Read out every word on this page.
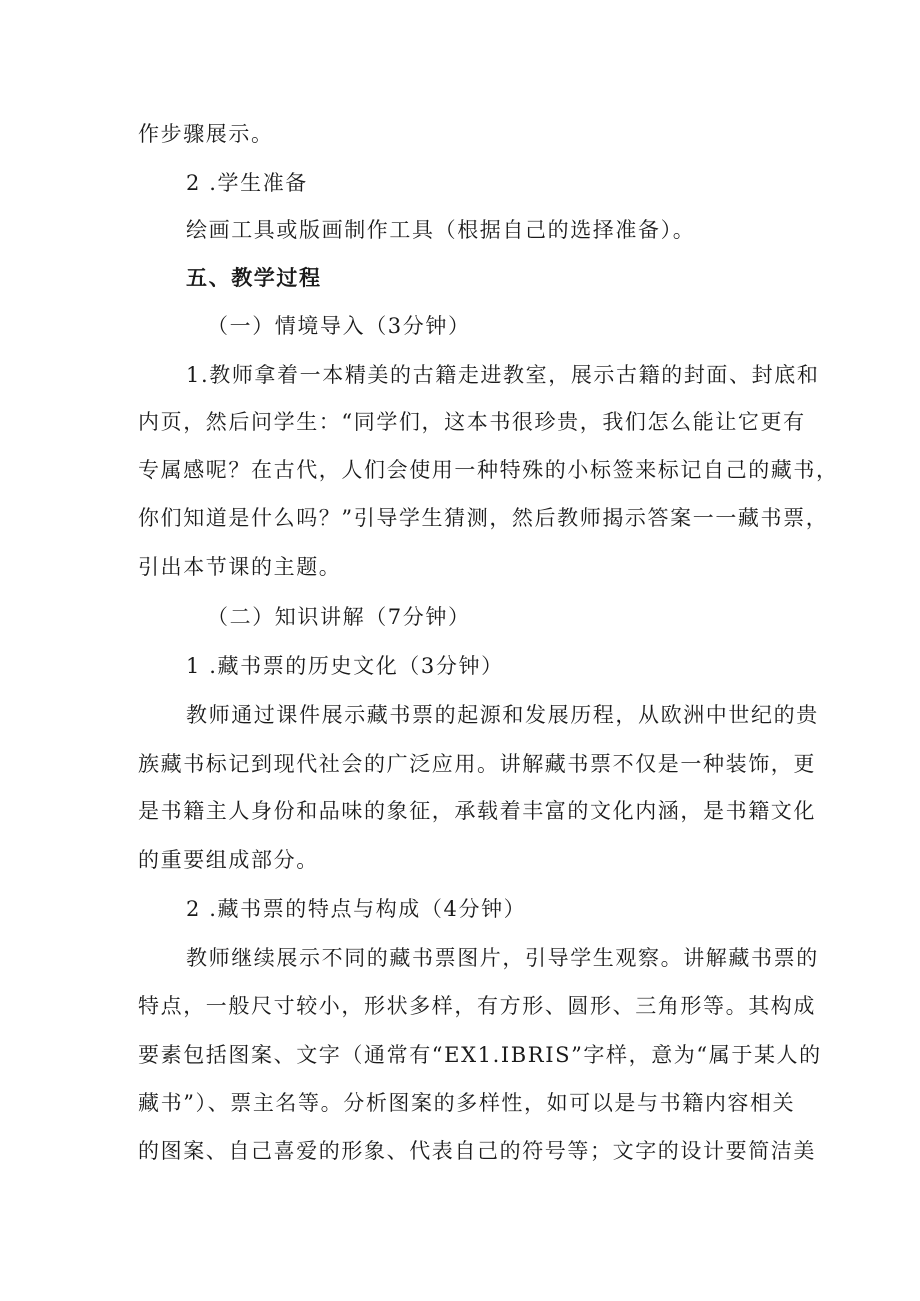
作步骤展示。
2 .学生准备
绘画工具或版画制作工具（根据自己的选择准备）。
五、教学过程
（一）情境导入（3分钟）
1.教师拿着一本精美的古籍走进教室，展示古籍的封面、封底和
内页，然后问学生：“同学们，这本书很珍贵，我们怎么能让它更有
专属感呢？在古代，人们会使用一种特殊的小标签来标记自己的藏书，
你们知道是什么吗？”引导学生猜测，然后教师揭示答案一一藏书票，
引出本节课的主题。
（二）知识讲解（7分钟）
1 .藏书票的历史文化（3分钟）
教师通过课件展示藏书票的起源和发展历程，从欧洲中世纪的贵
族藏书标记到现代社会的广泛应用。讲解藏书票不仅是一种装饰，更
是书籍主人身份和品味的象征，承载着丰富的文化内涵，是书籍文化
的重要组成部分。
2 .藏书票的特点与构成（4分钟）
教师继续展示不同的藏书票图片，引导学生观察。讲解藏书票的
特点，一般尺寸较小，形状多样，有方形、圆形、三角形等。其构成
要素包括图案、文字（通常有“EX1.IBRIS”字样，意为“属于某人的
藏书”）、票主名等。分析图案的多样性，如可以是与书籍内容相关
的图案、自己喜爱的形象、代表自己的符号等；文字的设计要简洁美
